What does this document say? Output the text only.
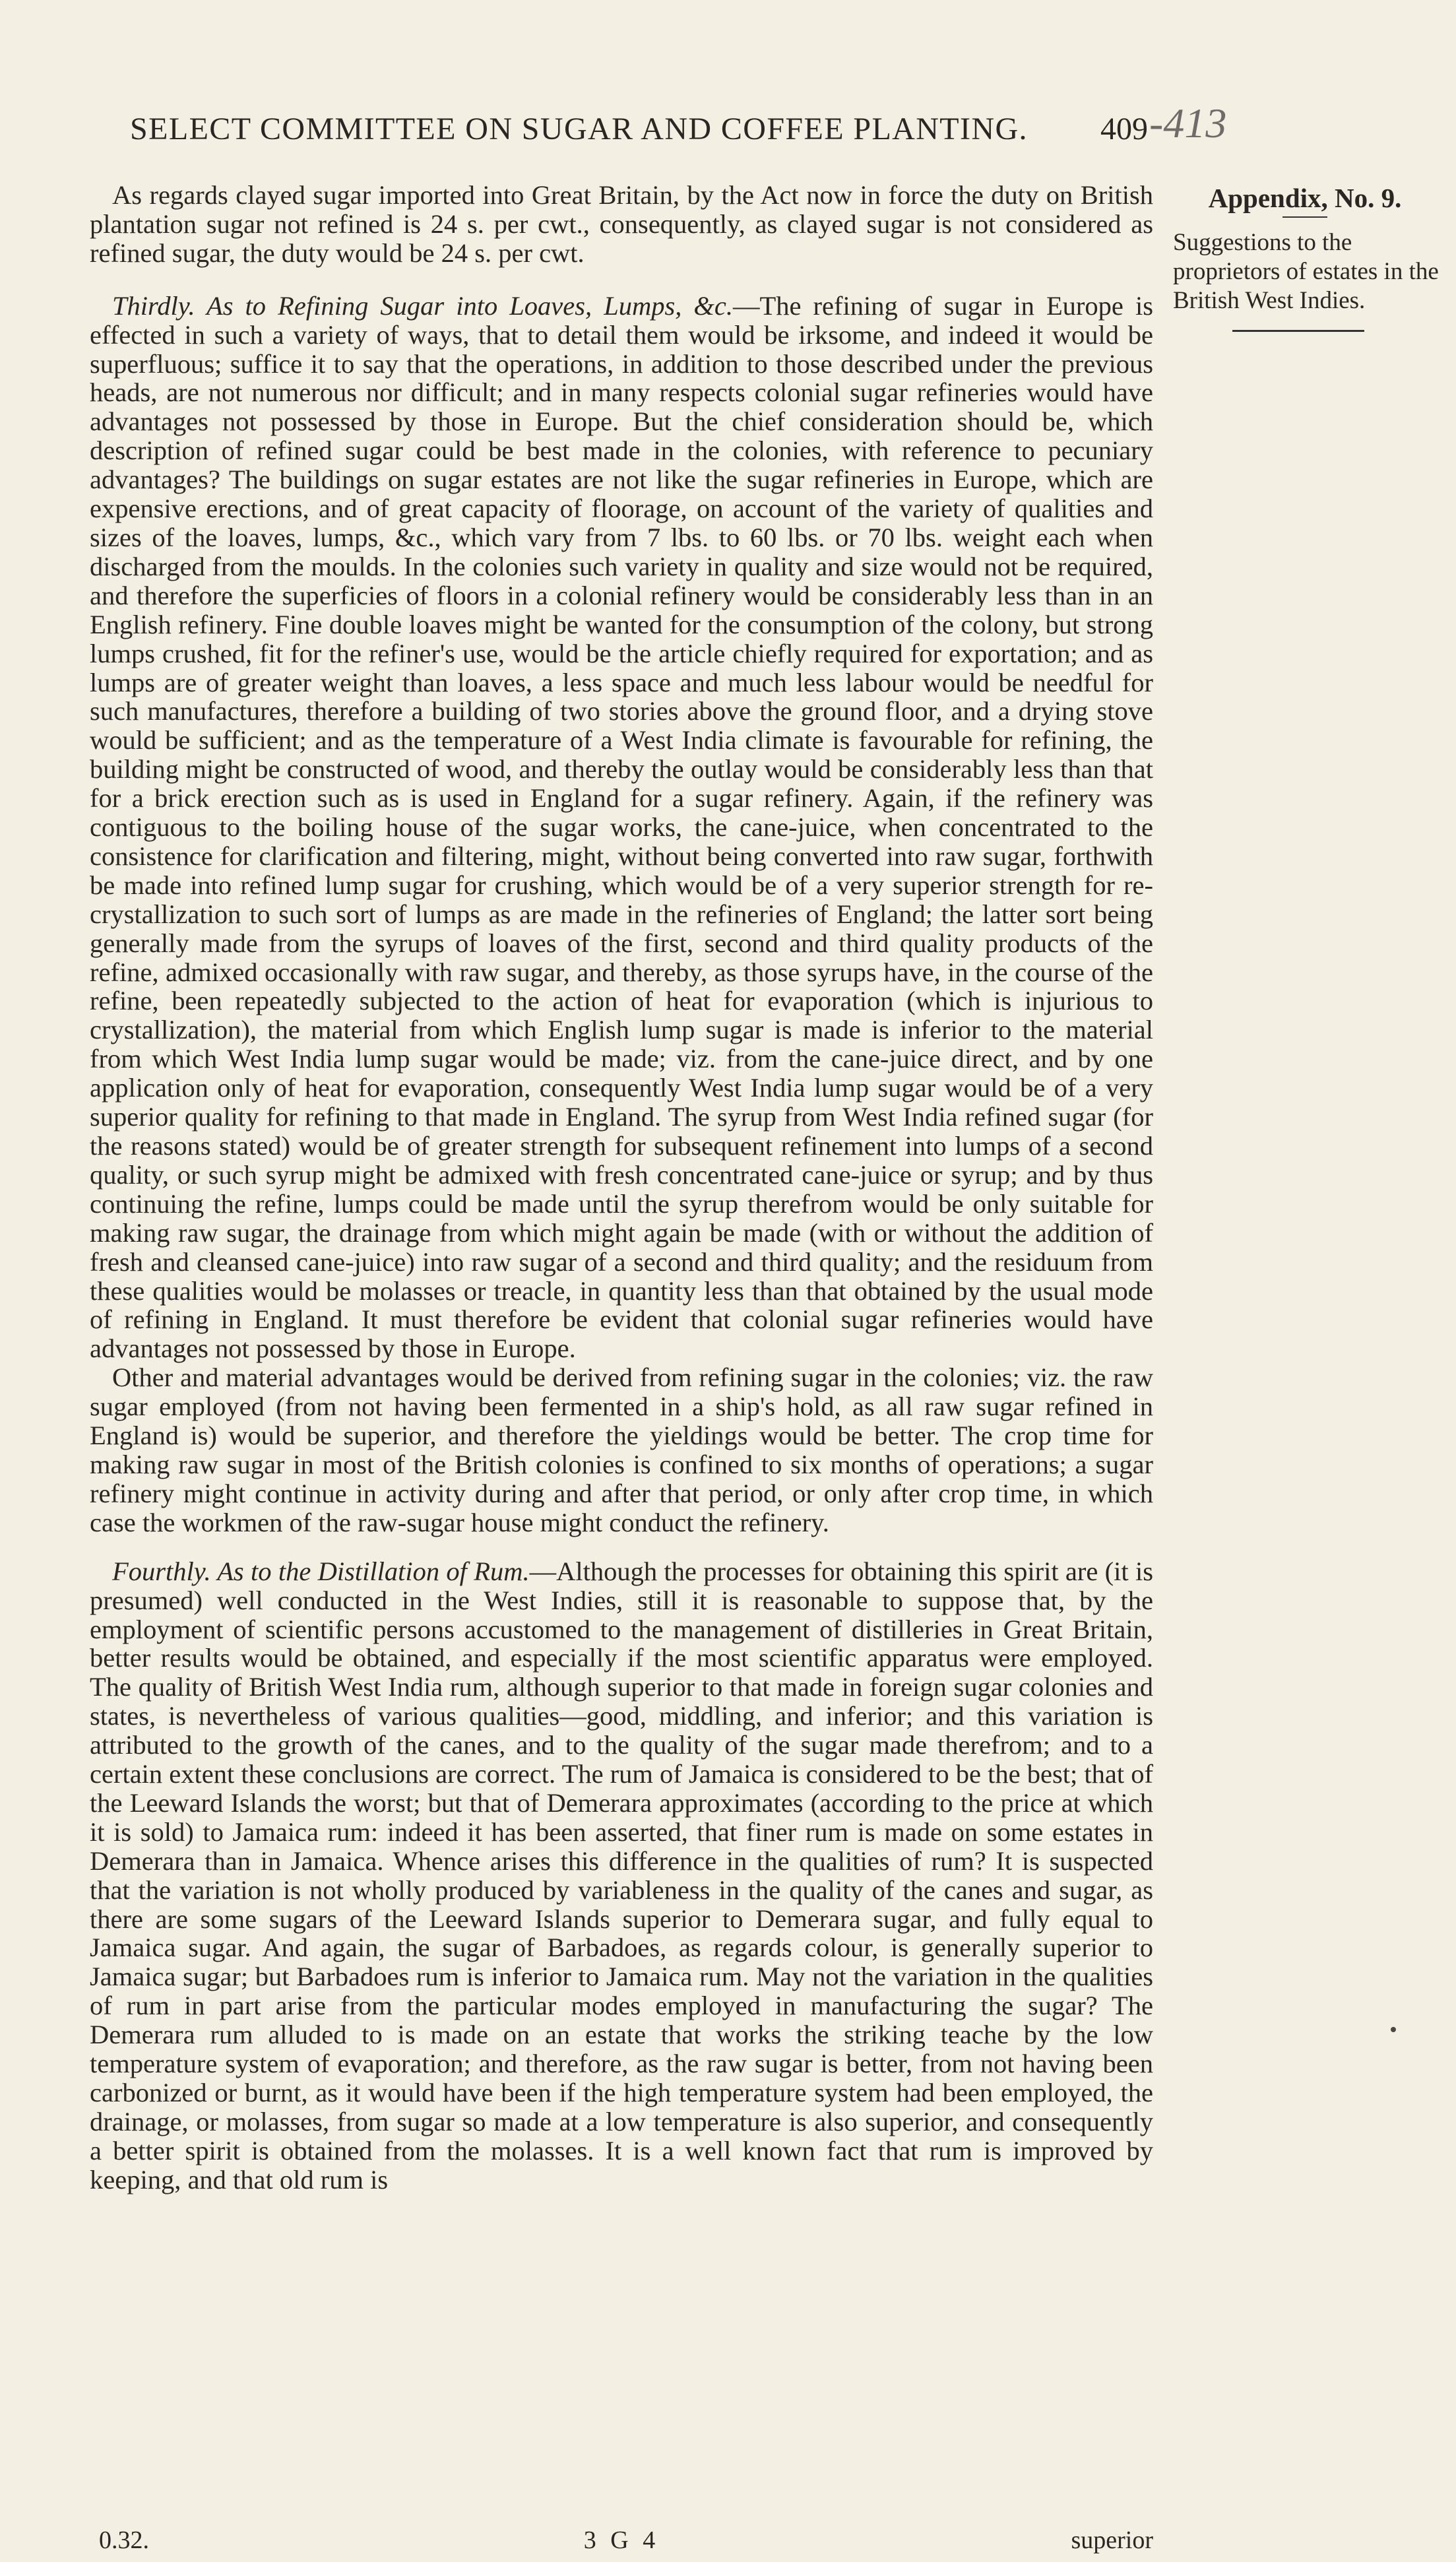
SELECT COMMITTEE ON SUGAR AND COFFEE PLANTING.	409 -413
Appendix, No. 9.
Suggestions to the proprietors of estates in the British West Indies.

As regards clayed sugar imported into Great Britain, by the Act now in force the duty on British plantation sugar not refined is 24 s. per cwt., consequently, as clayed sugar is not considered as refined sugar, the duty would be 24 s. per cwt.

Thirdly. As to Refining Sugar into Loaves, Lumps, &c.—The refining of sugar in Europe is effected in such a variety of ways, that to detail them would be irksome, and indeed it would be superfluous; suffice it to say that the operations, in addition to those described under the previous heads, are not numerous nor difficult; and in many respects colonial sugar refineries would have advantages not possessed by those in Europe. But the chief consideration should be, which description of refined sugar could be best made in the colonies, with reference to pecuniary advantages? The buildings on sugar estates are not like the sugar refineries in Europe, which are expensive erections, and of great capacity of floorage, on account of the variety of qualities and sizes of the loaves, lumps, &c., which vary from 7 lbs. to 60 lbs. or 70 lbs. weight each when discharged from the moulds. In the colonies such variety in quality and size would not be required, and therefore the superficies of floors in a colonial refinery would be considerably less than in an English refinery. Fine double loaves might be wanted for the consumption of the colony, but strong lumps crushed, fit for the refiner's use, would be the article chiefly required for exportation; and as lumps are of greater weight than loaves, a less space and much less labour would be needful for such manufactures, therefore a building of two stories above the ground floor, and a drying stove would be sufficient; and as the temperature of a West India climate is favourable for refining, the building might be constructed of wood, and thereby the outlay would be considerably less than that for a brick erection such as is used in England for a sugar refinery. Again, if the refinery was contiguous to the boiling house of the sugar works, the cane-juice, when concentrated to the consistence for clarification and filtering, might, without being converted into raw sugar, forthwith be made into refined lump sugar for crushing, which would be of a very superior strength for re-crystallization to such sort of lumps as are made in the refineries of England; the latter sort being generally made from the syrups of loaves of the first, second and third quality products of the refine, admixed occasionally with raw sugar, and thereby, as those syrups have, in the course of the refine, been repeatedly subjected to the action of heat for evaporation (which is injurious to crystallization), the material from which English lump sugar is made is inferior to the material from which West India lump sugar would be made; viz. from the cane-juice direct, and by one application only of heat for evaporation, consequently West India lump sugar would be of a very superior quality for refining to that made in England. The syrup from West India refined sugar (for the reasons stated) would be of greater strength for subsequent refinement into lumps of a second quality, or such syrup might be admixed with fresh concentrated cane-juice or syrup; and by thus continuing the refine, lumps could be made until the syrup therefrom would be only suitable for making raw sugar, the drainage from which might again be made (with or without the addition of fresh and cleansed cane-juice) into raw sugar of a second and third quality; and the residuum from these qualities would be molasses or treacle, in quantity less than that obtained by the usual mode of refining in England. It must therefore be evident that colonial sugar refineries would have advantages not possessed by those in Europe.

Other and material advantages would be derived from refining sugar in the colonies; viz. the raw sugar employed (from not having been fermented in a ship's hold, as all raw sugar refined in England is) would be superior, and therefore the yieldings would be better. The crop time for making raw sugar in most of the British colonies is confined to six months of operations; a sugar refinery might continue in activity during and after that period, or only after crop time, in which case the workmen of the raw-sugar house might conduct the refinery.

Fourthly. As to the Distillation of Rum.—Although the processes for obtaining this spirit are (it is presumed) well conducted in the West Indies, still it is reasonable to suppose that, by the employment of scientific persons accustomed to the management of distilleries in Great Britain, better results would be obtained, and especially if the most scientific apparatus were employed. The quality of British West India rum, although superior to that made in foreign sugar colonies and states, is nevertheless of various qualities—good, middling, and inferior; and this variation is attributed to the growth of the canes, and to the quality of the sugar made therefrom; and to a certain extent these conclusions are correct. The rum of Jamaica is considered to be the best; that of the Leeward Islands the worst; but that of Demerara approximates (according to the price at which it is sold) to Jamaica rum: indeed it has been asserted, that finer rum is made on some estates in Demerara than in Jamaica. Whence arises this difference in the qualities of rum? It is suspected that the variation is not wholly produced by variableness in the quality of the canes and sugar, as there are some sugars of the Leeward Islands superior to Demerara sugar, and fully equal to Jamaica sugar. And again, the sugar of Barbadoes, as regards colour, is generally superior to Jamaica sugar; but Barbadoes rum is inferior to Jamaica rum. May not the variation in the qualities of rum in part arise from the particular modes employed in manufacturing the sugar? The Demerara rum alluded to is made on an estate that works the striking teache by the low temperature system of evaporation; and therefore, as the raw sugar is better, from not having been carbonized or burnt, as it would have been if the high temperature system had been employed, the drainage, or molasses, from sugar so made at a low temperature is also superior, and consequently a better spirit is obtained from the molasses. It is a well known fact that rum is improved by keeping, and that old rum is

0.32.	3 G 4	superior
